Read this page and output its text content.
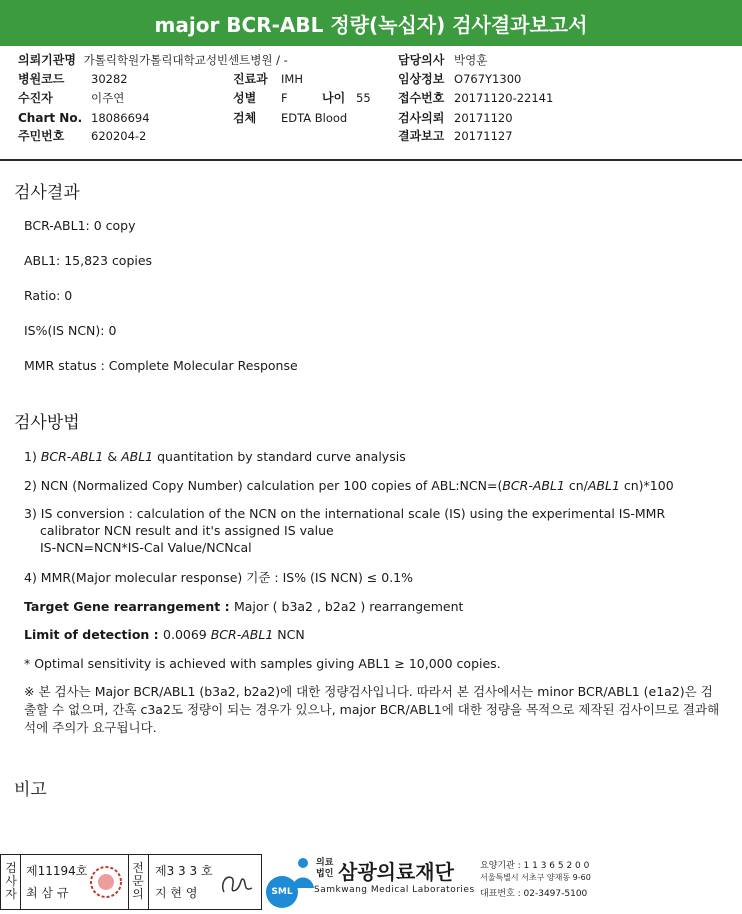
major BCR-ABL 정량(녹십자) 검사결과보고서
의뢰기관명 가톨릭학원가톨릭대학교성빈센트병원 / -	담당의사 박영훈
병원코드 30282	진료과 IMH	임상정보 O767Y1300
수진자	이주연	성별 F	나이 55 접수번호 20171120-22141
Chart No. 18086694	검체 EDTA Blood	검사의뢰 20171120
주민번호 620204-2	결과보고 20171127
검사결과
BCR-ABL1: 0 copy
ABL1: 15,823 copies
Ratio: 0
IS%(IS NCN): 0
MMR status : Complete Molecular Response
검사방법
1) BCR-ABL1 & ABL1 quantitation by standard curve analysis
2) NCN (Normalized Copy Number) calculation per 100 copies of ABL:NCN=(BCR-ABL1 cn/ABL1 cn)*100
3) IS conversion : calculation of the NCN on the international scale (IS) using the experimental IS-MMR
calibrator NCN result and it's assigned IS value
IS-NCN=NCN*IS-Cal Value/NCNcal
4) MMR(Major molecular response) 기준 : IS% (IS NCN) ≤ 0.1%
Target Gene rearrangement : Major ( b3a2 , b2a2 ) rearrangement
Limit of detection : 0.0069 BCR-ABL1 NCN
* Optimal sensitivity is achieved with samples giving ABL1 ≥ 10,000 copies.
※ 본 검사는 Major BCR/ABL1 (b3a2, b2a2)에 대한 정량검사입니다. 따라서 본 검사에서는 minor BCR/ABL1 (e1a2)은 검출할 수 없으며, 간혹 c3a2도 정량이 되는 경우가 있으나, major BCR/ABL1에 대한 정량을 목적으로 제작된 검사이므로 결과해석에 주의가 요구됩니다.
비고
검
사
자
제11194호
최 삼 규
전
문
의
제3 3 3 호
지 현 영	SML
의료법인 삼광의료재단
Samkwang Medical Laboratories
요양기관 : 1 1 3 6 5 2 0 0
서울특별시 서초구 양재동 9-60
대표번호 : 02-3497-5100
